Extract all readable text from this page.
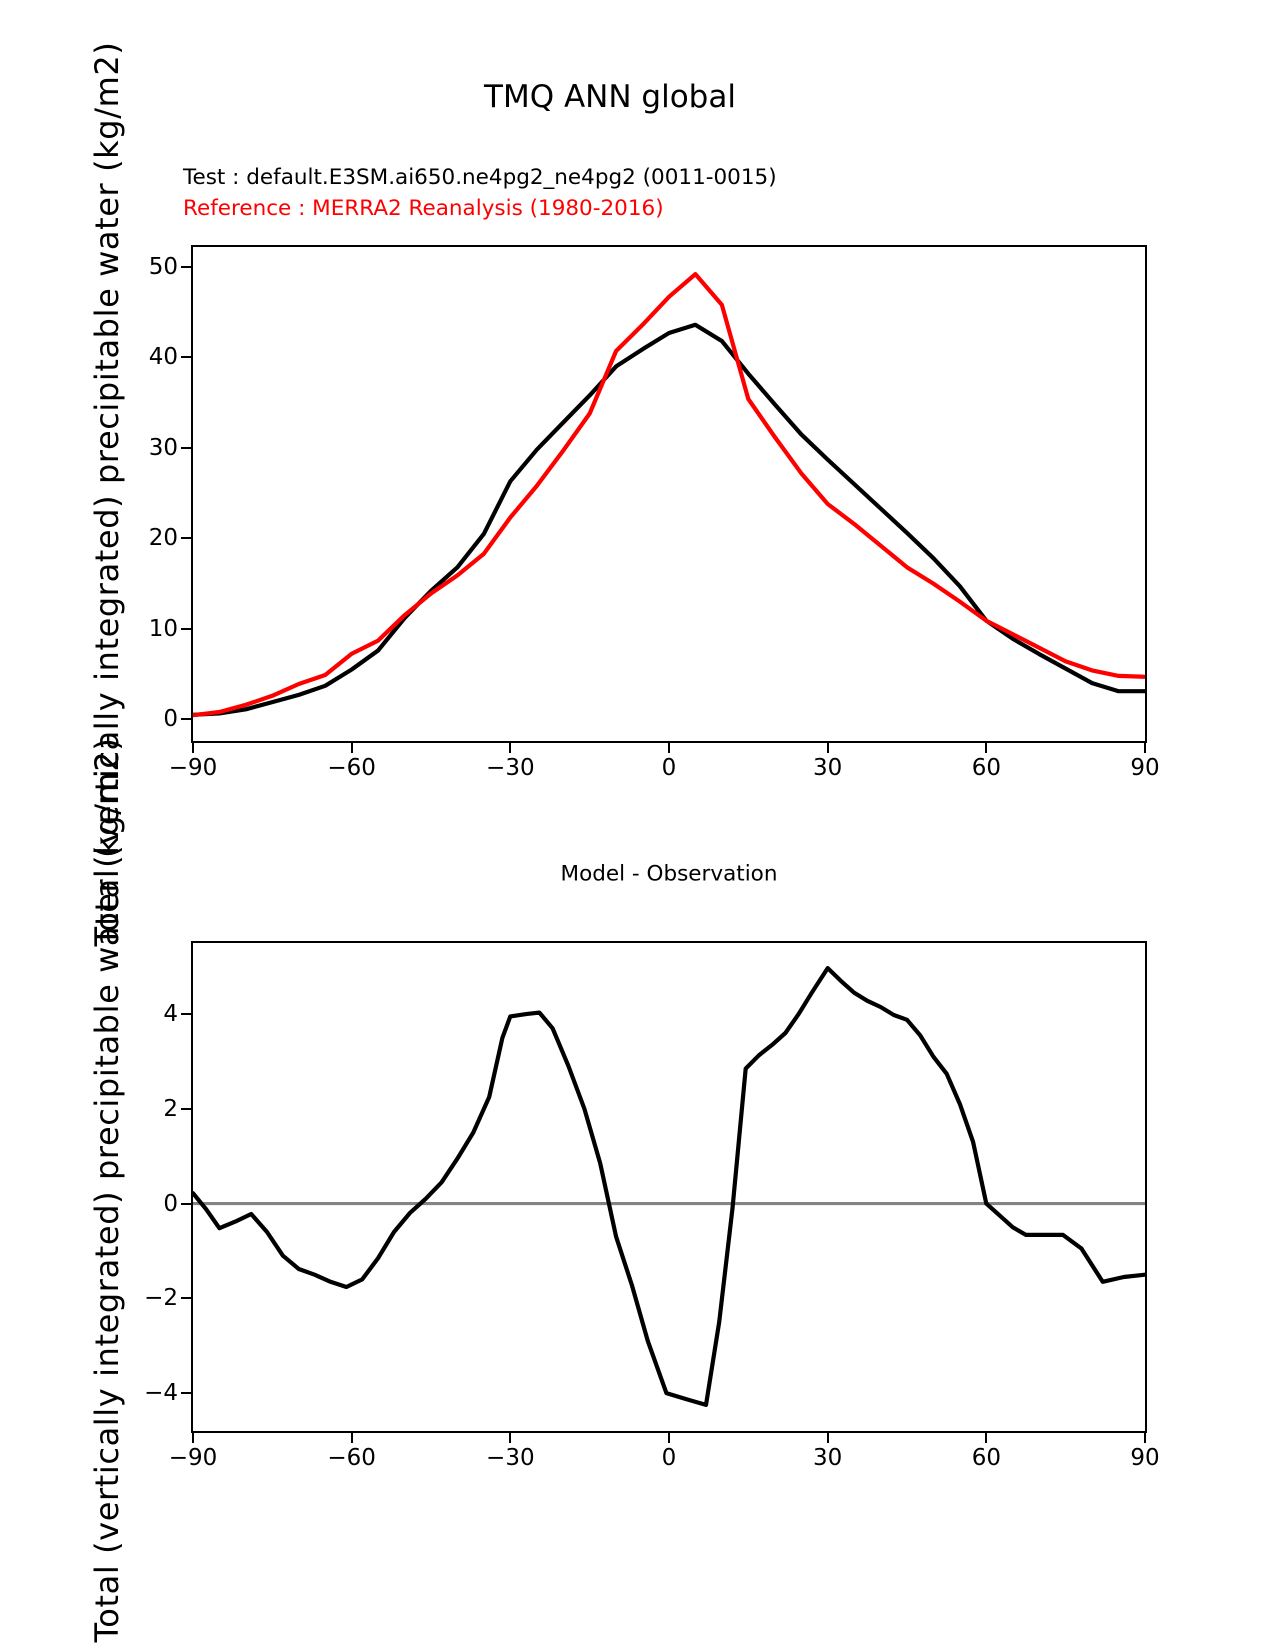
Total (vertically integrated) precipitable water (kg/m2)
Total (vertically integrated) precipitable water (kg/m2)
TMQ ANN global
Test : default.E3SM.ai650.ne4pg2_ne4pg2 (0011-0015)
Reference : MERRA2 Reanalysis (1980-2016)
−90	−60	−30	0	30	60	90
0
10
20
30
40
50
Model - Observation
−90	−60	−30	0	30	60	90
−4
−2
0
2
4
